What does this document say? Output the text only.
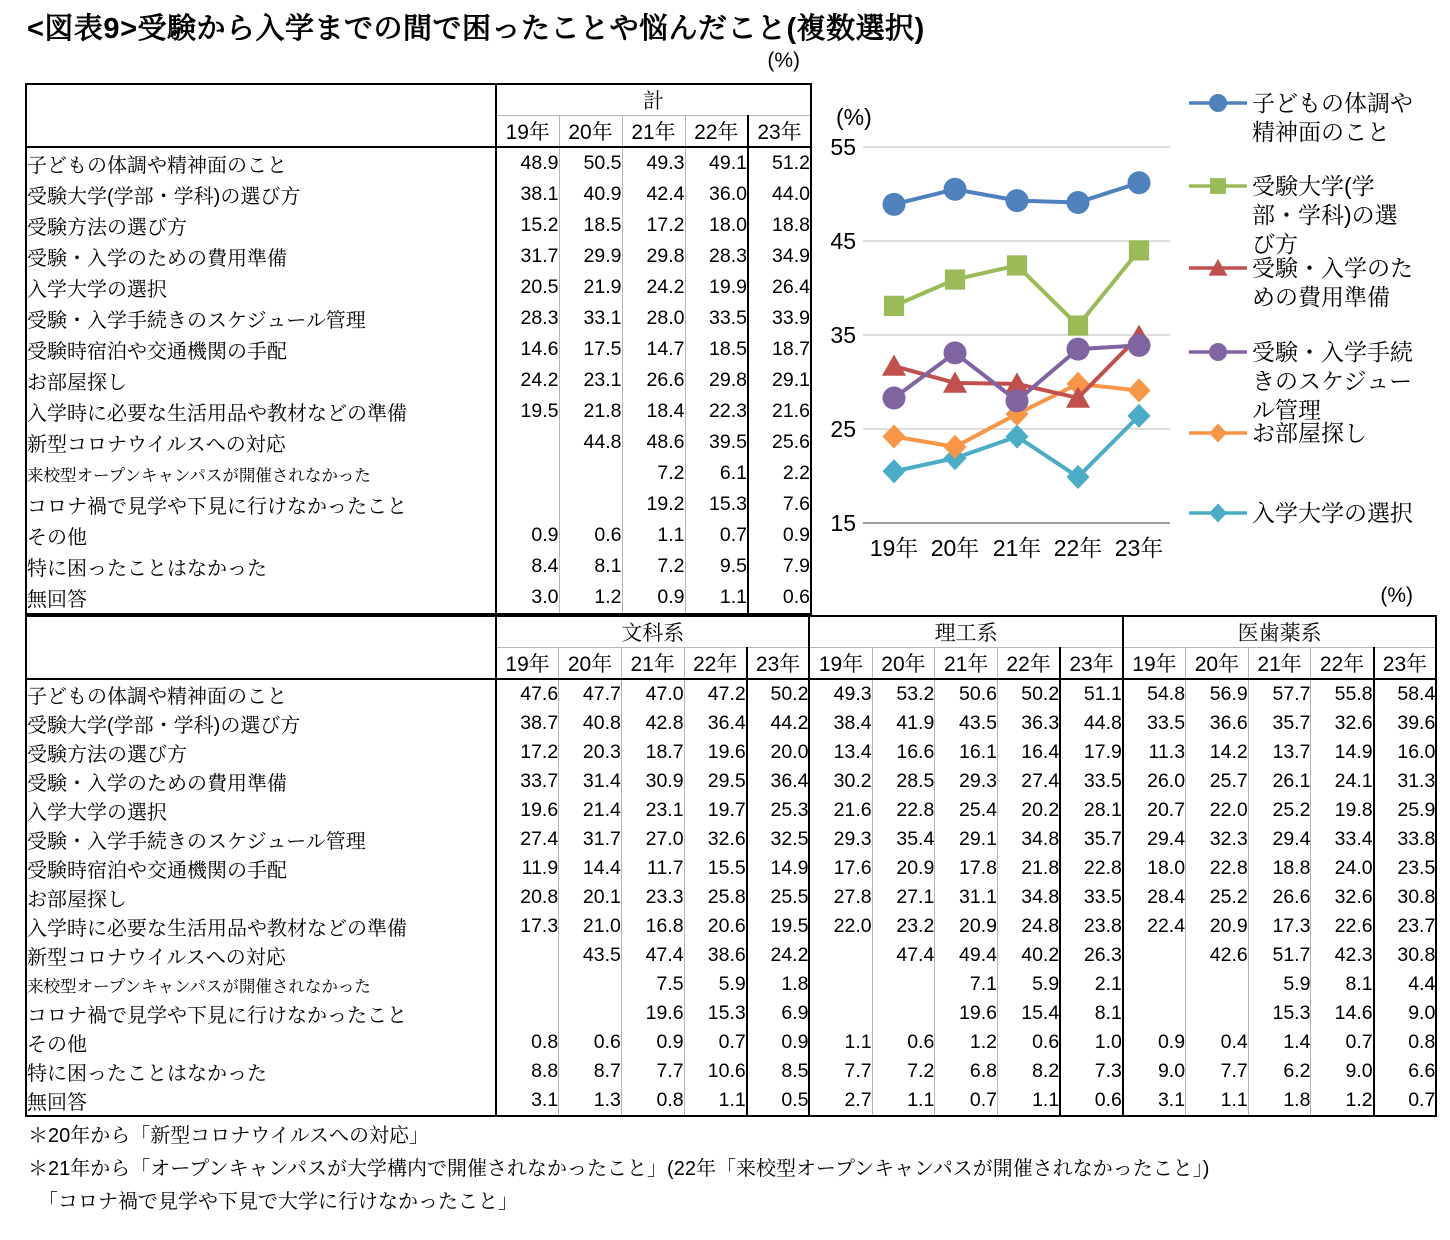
<図表9>受験から入学までの間で困ったことや悩んだこと(複数選択)
(%)
	計				
	19年	20年	21年	22年	23年
子どもの体調や精神面のこと	48.9	50.5	49.3	49.1	51.2
受験大学(学部・学科)の選び方	38.1	40.9	42.4	36.0	44.0
受験方法の選び方	15.2	18.5	17.2	18.0	18.8
受験・入学のための費用準備	31.7	29.9	29.8	28.3	34.9
入学大学の選択	20.5	21.9	24.2	19.9	26.4
受験・入学手続きのスケジュール管理	28.3	33.1	28.0	33.5	33.9
受験時宿泊や交通機関の手配	14.6	17.5	14.7	18.5	18.7
お部屋探し	24.2	23.1	26.6	29.8	29.1
入学時に必要な生活用品や教材などの準備	19.5	21.8	18.4	22.3	21.6
新型コロナウイルスへの対応		44.8	48.6	39.5	25.6
来校型オープンキャンパスが開催されなかった			7.2	6.1	2.2
コロナ禍で見学や下見に行けなかったこと			19.2	15.3	7.6
その他	0.9	0.6	1.1	0.7	0.9
特に困ったことはなかった	8.4	8.1	7.2	9.5	7.9
無回答	3.0	1.2	0.9	1.1	0.6
15
25
35
45
55
(%)
19年 20年 21年 22年 23年
子どもの体調や
精神面のこと
受験大学(学
部・学科)の選
び方
受験・入学のた
めの費用準備
受験・入学手続
きのスケジュー
ル管理
お部屋探し
入学大学の選択
(%)
	文科系					理工系					医歯薬系				
	19年	20年	21年	22年	23年	19年	20年	21年	22年	23年	19年	20年	21年	22年	23年
子どもの体調や精神面のこと	47.6	47.7	47.0	47.2	50.2	49.3	53.2	50.6	50.2	51.1	54.8	56.9	57.7	55.8	58.4
受験大学(学部・学科)の選び方	38.7	40.8	42.8	36.4	44.2	38.4	41.9	43.5	36.3	44.8	33.5	36.6	35.7	32.6	39.6
受験方法の選び方	17.2	20.3	18.7	19.6	20.0	13.4	16.6	16.1	16.4	17.9	11.3	14.2	13.7	14.9	16.0
受験・入学のための費用準備	33.7	31.4	30.9	29.5	36.4	30.2	28.5	29.3	27.4	33.5	26.0	25.7	26.1	24.1	31.3
入学大学の選択	19.6	21.4	23.1	19.7	25.3	21.6	22.8	25.4	20.2	28.1	20.7	22.0	25.2	19.8	25.9
受験・入学手続きのスケジュール管理	27.4	31.7	27.0	32.6	32.5	29.3	35.4	29.1	34.8	35.7	29.4	32.3	29.4	33.4	33.8
受験時宿泊や交通機関の手配	11.9	14.4	11.7	15.5	14.9	17.6	20.9	17.8	21.8	22.8	18.0	22.8	18.8	24.0	23.5
お部屋探し	20.8	20.1	23.3	25.8	25.5	27.8	27.1	31.1	34.8	33.5	28.4	25.2	26.6	32.6	30.8
入学時に必要な生活用品や教材などの準備	17.3	21.0	16.8	20.6	19.5	22.0	23.2	20.9	24.8	23.8	22.4	20.9	17.3	22.6	23.7
新型コロナウイルスへの対応		43.5	47.4	38.6	24.2		47.4	49.4	40.2	26.3		42.6	51.7	42.3	30.8
来校型オープンキャンパスが開催されなかった			7.5	5.9	1.8			7.1	5.9	2.1			5.9	8.1	4.4
コロナ禍で見学や下見に行けなかったこと			19.6	15.3	6.9			19.6	15.4	8.1			15.3	14.6	9.0
その他	0.8	0.6	0.9	0.7	0.9	1.1	0.6	1.2	0.6	1.0	0.9	0.4	1.4	0.7	0.8
特に困ったことはなかった	8.8	8.7	7.7	10.6	8.5	7.7	7.2	6.8	8.2	7.3	9.0	7.7	6.2	9.0	6.6
無回答	3.1	1.3	0.8	1.1	0.5	2.7	1.1	0.7	1.1	0.6	3.1	1.1	1.8	1.2	0.7
＊20年から「新型コロナウイルスへの対応」
＊21年から「オープンキャンパスが大学構内で開催されなかったこと」(22年「来校型オープンキャンパスが開催されなかったこと」)
　「コロナ禍で見学や下見で大学に行けなかったこと」
